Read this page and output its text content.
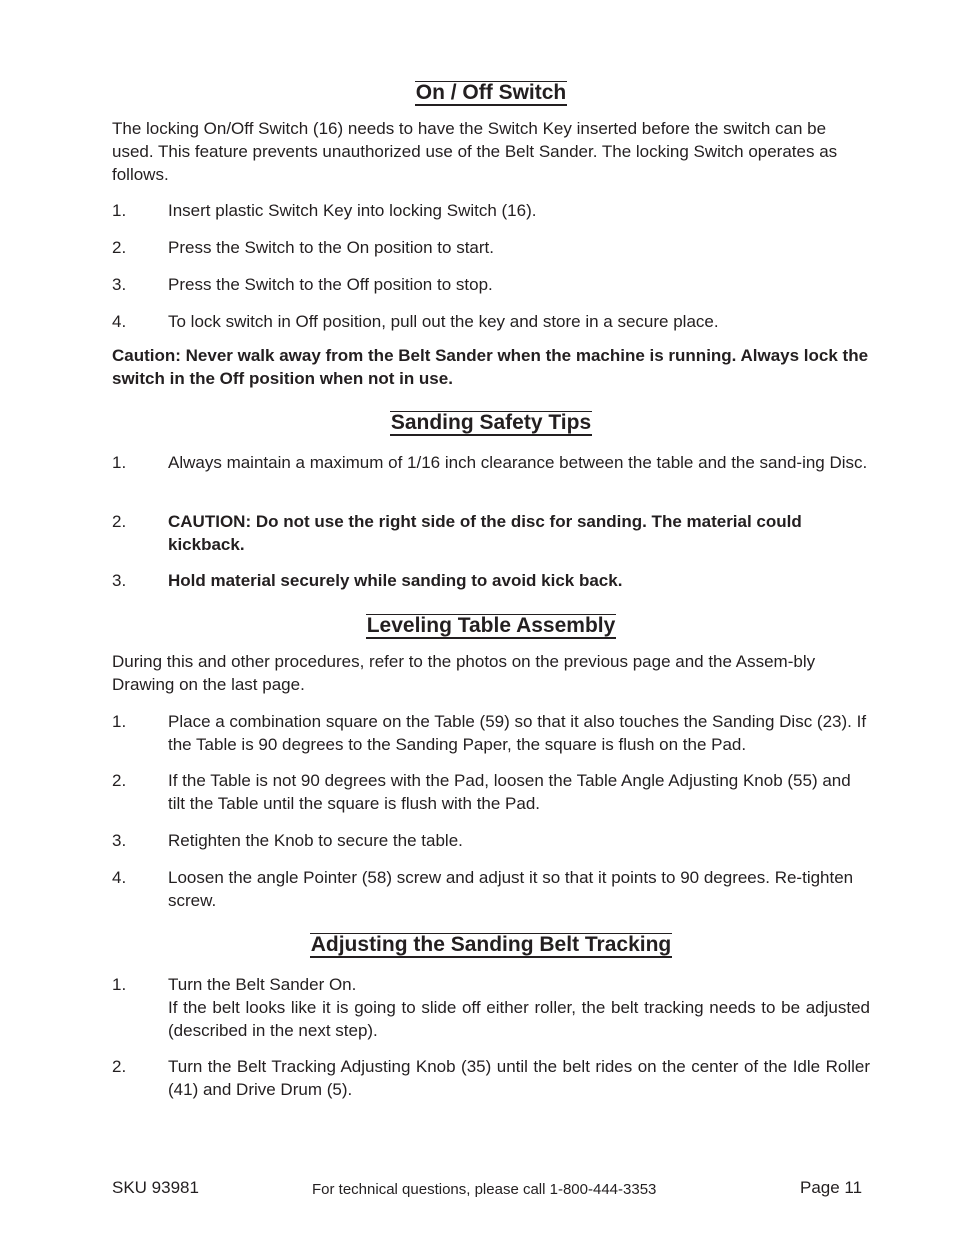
On / Off Switch
The locking On/Off Switch (16) needs to have the Switch Key inserted before the switch can be used. This feature prevents unauthorized use of the Belt Sander. The locking Switch operates as follows.
1.	Insert plastic Switch Key into locking Switch (16).
2.	Press the Switch to the On position to start.
3.	Press the Switch to the Off position to stop.
4.	To lock switch in Off position, pull out the key and store in a secure place.
Caution: Never walk away from the Belt Sander when the machine is running. Always lock the switch in the Off position when not in use.
Sanding Safety Tips
1.	Always maintain a maximum of 1/16 inch clearance between the table and the sand-ing Disc.
2.	CAUTION: Do not use the right side of the disc for sanding. The material could kickback.
3.	Hold material securely while sanding to avoid kick back.
Leveling Table Assembly
During this and other procedures, refer to the photos on the previous page and the Assem-bly Drawing on the last page.
1.	Place a combination square on the Table (59) so that it also touches the Sanding Disc (23). If the Table is 90 degrees to the Sanding Paper, the square is flush on the Pad.
2.	If the Table is not 90 degrees with the Pad, loosen the Table Angle Adjusting Knob (55) and tilt the Table until the square is flush with the Pad.
3.	Retighten the Knob to secure the table.
4.	Loosen the angle Pointer (58) screw and adjust it so that it points to 90 degrees. Re-tighten screw.
Adjusting the Sanding Belt Tracking
1.	Turn the Belt Sander On.
If the belt looks like it is going to slide off either roller, the belt tracking needs to be adjusted (described in the next step).
2.	Turn the Belt Tracking Adjusting Knob (35) until the belt rides on the center of the Idle Roller (41) and Drive Drum (5).
SKU 93981	For technical questions, please call 1-800-444-3353	Page 11
